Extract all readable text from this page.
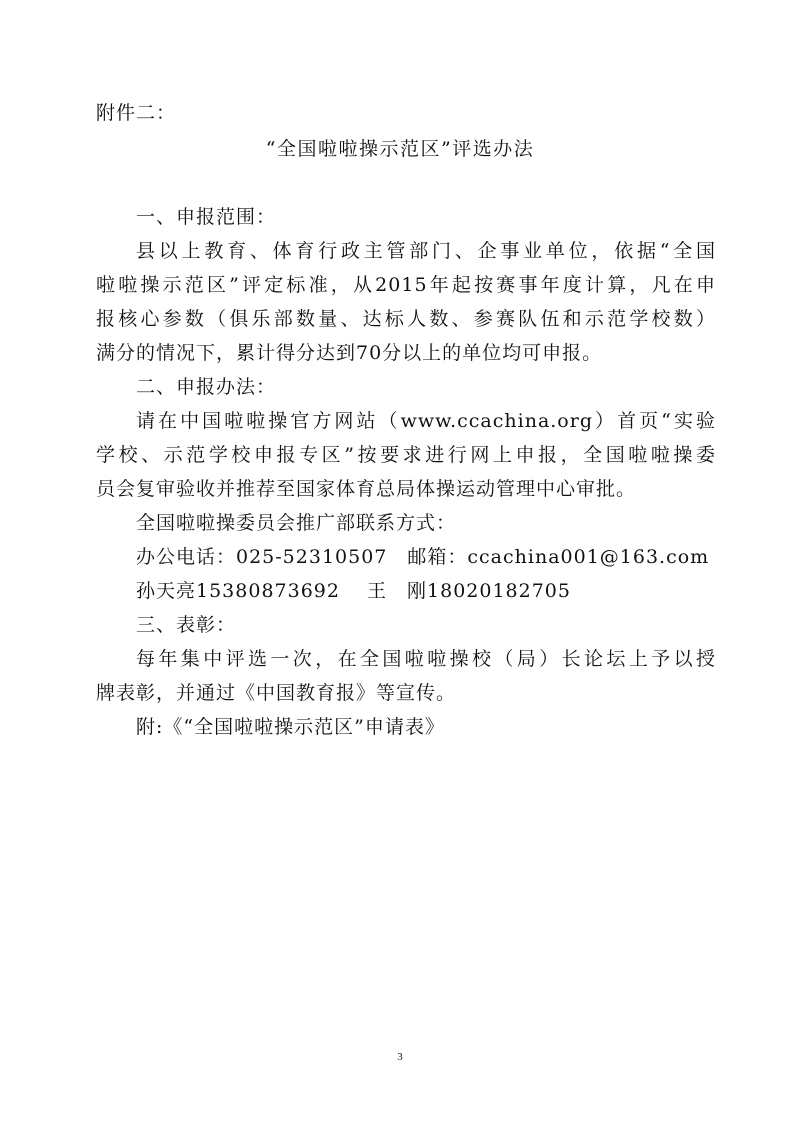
附件二：
“全国啦啦操示范区”评选办法
一、申报范围：
县以上教育、体育行政主管部门、企事业单位，依据“全国
啦啦操示范区”评定标准，从2015年起按赛事年度计算，凡在申
报核心参数（俱乐部数量、达标人数、参赛队伍和示范学校数）
满分的情况下，累计得分达到70分以上的单位均可申报。
二、申报办法：
请在中国啦啦操官方网站（www.ccachina.org）首页“实验
学校、示范学校申报专区”按要求进行网上申报，全国啦啦操委
员会复审验收并推荐至国家体育总局体操运动管理中心审批。
全国啦啦操委员会推广部联系方式：
办公电话：025-52310507　邮箱：ccachina001@163.com
孙天亮15380873692　 王　刚18020182705
三、表彰：
每年集中评选一次，在全国啦啦操校（局）长论坛上予以授
牌表彰，并通过《中国教育报》等宣传。
附:《“全国啦啦操示范区”申请表》
3
